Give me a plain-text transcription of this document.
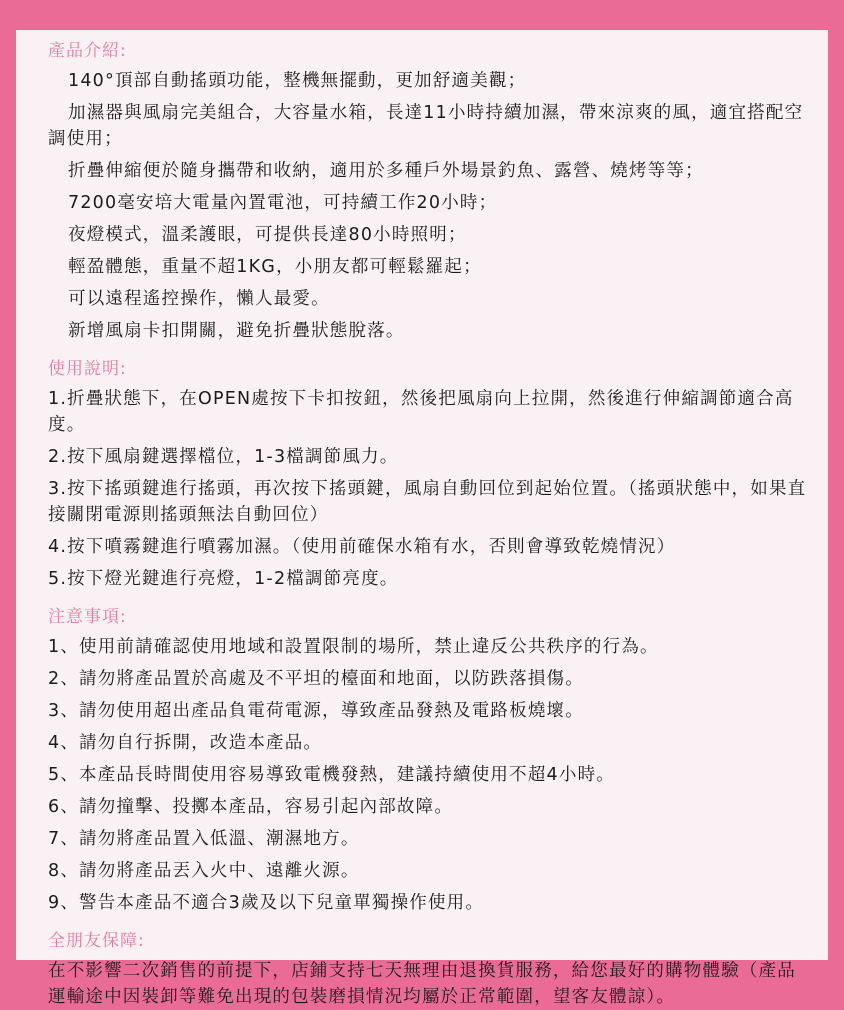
產品介紹:
140°頂部自動搖頭功能，整機無擺動，更加舒適美觀；
加濕器與風扇完美組合，大容量水箱，長達11小時持續加濕，帶來涼爽的風，適宜搭配空調使用；
折疊伸縮便於隨身攜帶和收納，適用於多種戶外場景釣魚、露營、燒烤等等；
7200毫安培大電量內置電池，可持續工作20小時；
夜燈模式，溫柔護眼，可提供長達80小時照明；
輕盈體態，重量不超1KG，小朋友都可輕鬆羅起；
可以遠程遙控操作，懶人最愛。
新增風扇卡扣開關，避免折疊狀態脫落。
使用說明:
1.折疊狀態下，在OPEN處按下卡扣按鈕，然後把風扇向上拉開，然後進行伸縮調節適合高度。
2.按下風扇鍵選擇檔位，1-3檔調節風力。
3.按下搖頭鍵進行搖頭，再次按下搖頭鍵，風扇自動回位到起始位置。（搖頭狀態中，如果直接關閉電源則搖頭無法自動回位）
4.按下噴霧鍵進行噴霧加濕。（使用前確保水箱有水，否則會導致乾燒情況）
5.按下燈光鍵進行亮燈，1-2檔調節亮度。
注意事項:
1、使用前請確認使用地域和設置限制的場所，禁止違反公共秩序的行為。
2、請勿將產品置於高處及不平坦的檯面和地面，以防跌落損傷。
3、請勿使用超出產品負電荷電源，導致產品發熱及電路板燒壞。
4、請勿自行拆開，改造本產品。
5、本產品長時間使用容易導致電機發熱，建議持續使用不超4小時。
6、請勿撞擊、投擲本產品，容易引起內部故障。
7、請勿將產品置入低溫、潮濕地方。
8、請勿將產品丟入火中、遠離火源。
9、警告本產品不適合3歲及以下兒童單獨操作使用。
全朋友保障:
在不影響二次銷售的前提下，店鋪支持七天無理由退換貨服務，給您最好的購物體驗（產品運輸途中因裝卸等難免出現的包裝磨損情況均屬於正常範圍，望客友體諒）。
